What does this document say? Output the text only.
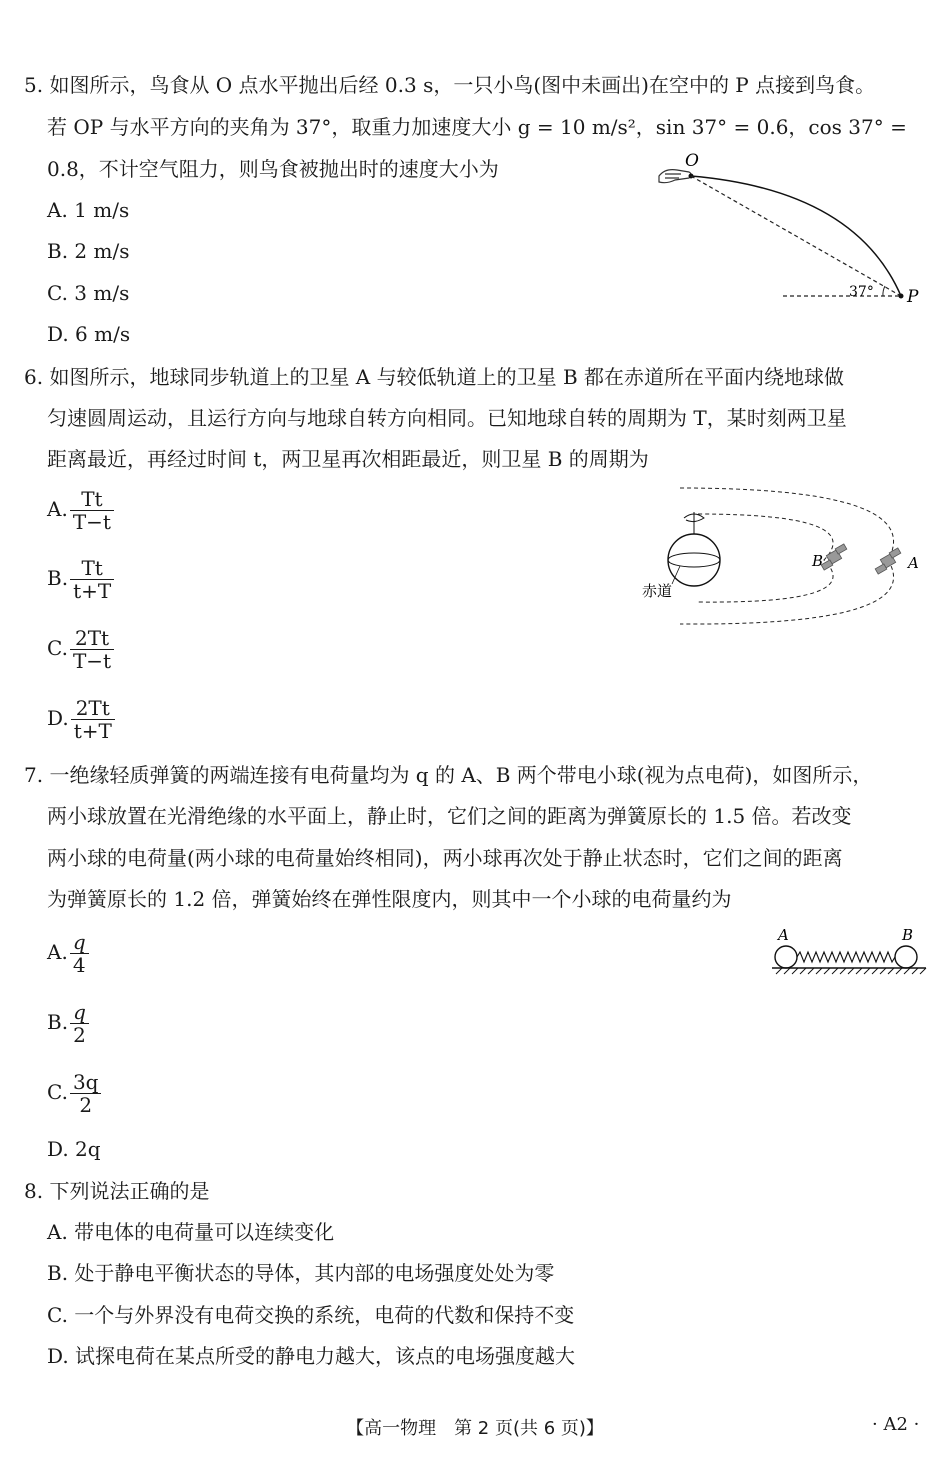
5. 如图所示，鸟食从 O 点水平抛出后经 0.3 s，一只小鸟(图中未画出)在空中的 P 点接到鸟食。
若 OP 与水平方向的夹角为 37°，取重力加速度大小 g = 10 m/s²，sin 37° = 0.6，cos 37° =
0.8，不计空气阻力，则鸟食被抛出时的速度大小为
A. 1 m/s
B. 2 m/s
C. 3 m/s
D. 6 m/s
O
37° P
6. 如图所示，地球同步轨道上的卫星 A 与较低轨道上的卫星 B 都在赤道所在平面内绕地球做
匀速圆周运动，且运行方向与地球自转方向相同。已知地球自转的周期为 T，某时刻两卫星
距离最近，再经过时间 t，两卫星再次相距最近，则卫星 B 的周期为
A. $\frac{Tt}{T-t}$
B. $\frac{Tt}{t+T}$
C. $\frac{2Tt}{T-t}$
D. $\frac{2Tt}{t+T}$
赤道
B	A
7. 一绝缘轻质弹簧的两端连接有电荷量均为 q 的 A、B 两个带电小球(视为点电荷)，如图所示，
两小球放置在光滑绝缘的水平面上，静止时，它们之间的距离为弹簧原长的 1.5 倍。若改变
两小球的电荷量(两小球的电荷量始终相同)，两小球再次处于静止状态时，它们之间的距离
为弹簧原长的 1.2 倍，弹簧始终在弹性限度内，则其中一个小球的电荷量约为
A. $\frac{q}{4}$
B. $\frac{q}{2}$
C. $\frac{3q}{2}$
D. 2q
A	B
8. 下列说法正确的是
A. 带电体的电荷量可以连续变化
B. 处于静电平衡状态的导体，其内部的电场强度处处为零
C. 一个与外界没有电荷交换的系统，电荷的代数和保持不变
D. 试探电荷在某点所受的静电力越大，该点的电场强度越大
【高一物理　第 2 页(共 6 页)】	· A2 ·
